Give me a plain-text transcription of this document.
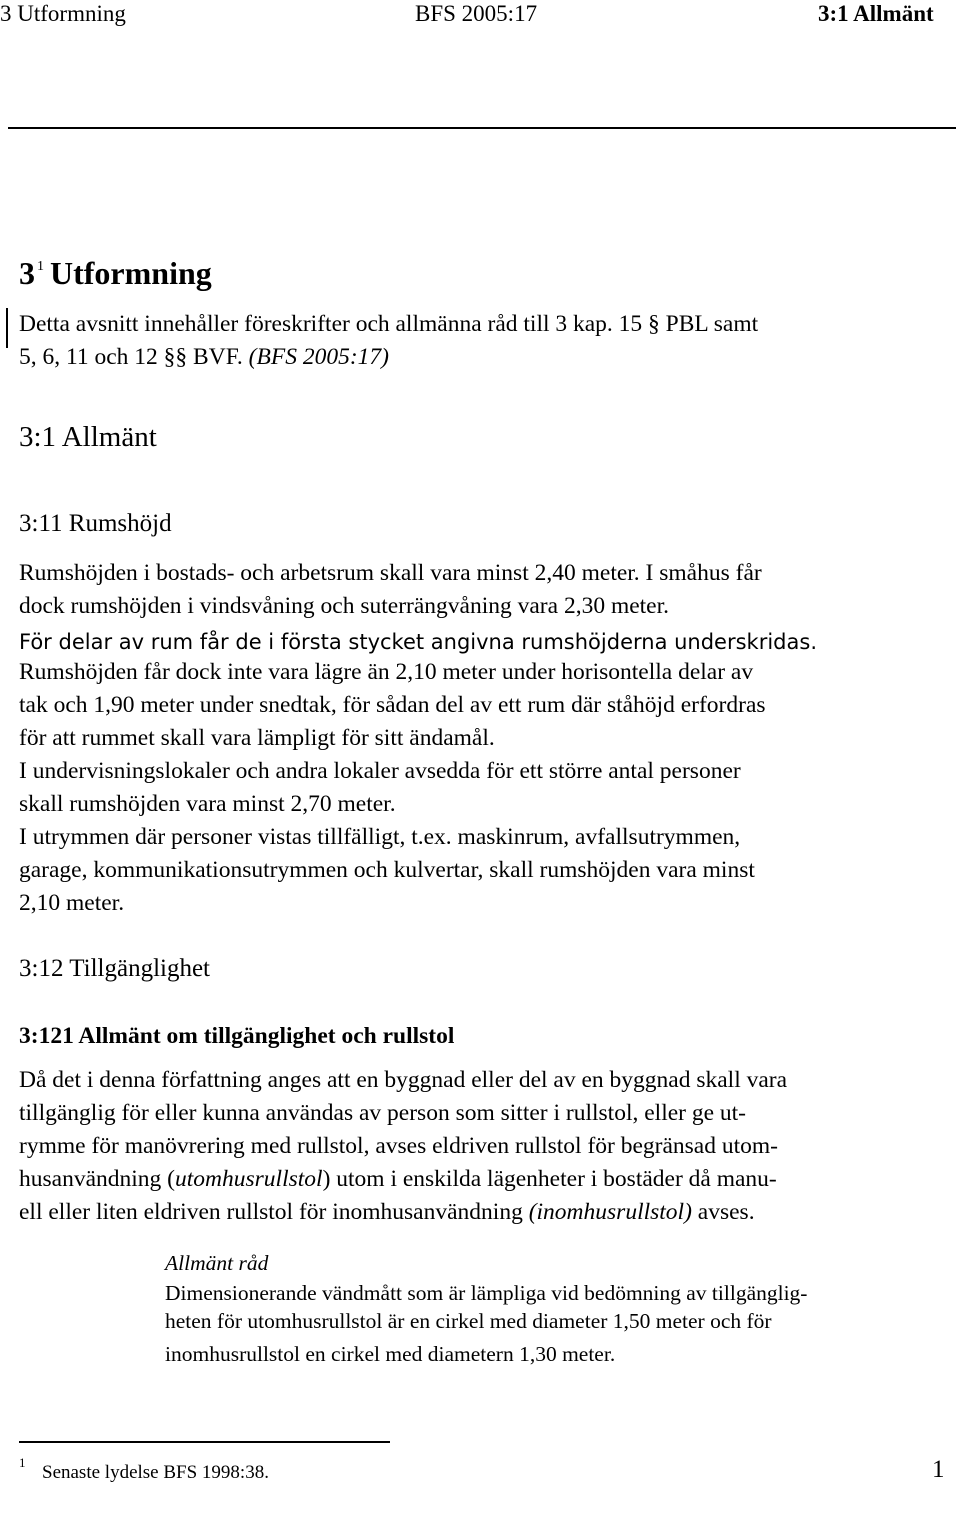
3 Utformning	BFS 2005:17	3:1 Allmänt
3 $^1$ Utformning
Detta avsnitt innehåller föreskrifter och allmänna råd till 3 kap. 15 § PBL samt
5, 6, 11 och 12 §§ BVF. (BFS 2005:17)
3:1 Allmänt
3:11 Rumshöjd
Rumshöjden i bostads- och arbetsrum skall vara minst 2,40 meter. I småhus får
dock rumshöjden i vindsvåning och suterrängvåning vara 2,30 meter.
För delar av rum får de i första stycket angivna rumshöjderna underskridas.
Rumshöjden får dock inte vara lägre än 2,10 meter under horisontella delar av
tak och 1,90 meter under snedtak, för sådan del av ett rum där ståhöjd erfordras
för att rummet skall vara lämpligt för sitt ändamål.
I undervisningslokaler och andra lokaler avsedda för ett större antal personer
skall rumshöjden vara minst 2,70 meter.
I utrymmen där personer vistas tillfälligt, t.ex. maskinrum, avfallsutrymmen,
garage, kommunikationsutrymmen och kulvertar, skall rumshöjden vara minst
2,10 meter.
3:12 Tillgänglighet
3:121 Allmänt om tillgänglighet och rullstol
Då det i denna författning anges att en byggnad eller del av en byggnad skall vara
tillgänglig för eller kunna användas av person som sitter i rullstol, eller ge ut-
rymme för manövrering med rullstol, avses eldriven rullstol för begränsad utom-
husanvändning (utomhusrullstol) utom i enskilda lägenheter i bostäder då manu-
ell eller liten eldriven rullstol för inomhusanvändning (inomhusrullstol) avses.
Allmänt råd
Dimensionerande vändmått som är lämpliga vid bedömning av tillgänglig-
heten för utomhusrullstol är en cirkel med diameter 1,50 meter och för
inomhusrullstol en cirkel med diametern 1,30 meter.
1 Senaste lydelse BFS 1998:38.	1
